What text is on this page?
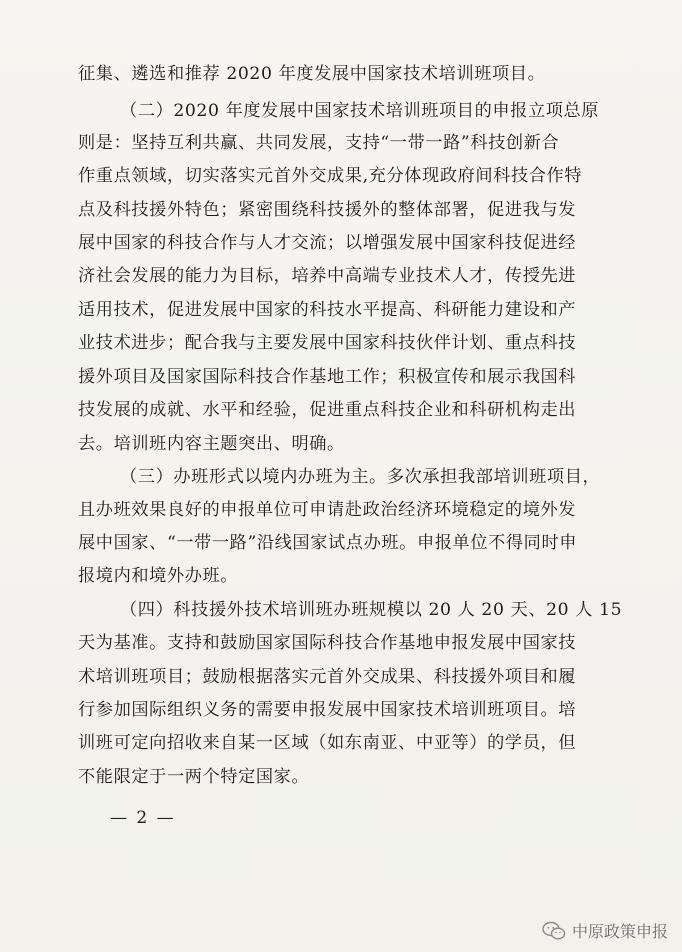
征集、遴选和推荐 2020 年度发展中国家技术培训班项目。
（二）2020 年度发展中国家技术培训班项目的申报立项总原
则是：坚持互利共赢、共同发展，支持“一带一路”科技创新合
作重点领域，切实落实元首外交成果,充分体现政府间科技合作特
点及科技援外特色；紧密围绕科技援外的整体部署，促进我与发
展中国家的科技合作与人才交流；以增强发展中国家科技促进经
济社会发展的能力为目标，培养中高端专业技术人才，传授先进
适用技术，促进发展中国家的科技水平提高、科研能力建设和产
业技术进步；配合我与主要发展中国家科技伙伴计划、重点科技
援外项目及国家国际科技合作基地工作；积极宣传和展示我国科
技发展的成就、水平和经验，促进重点科技企业和科研机构走出
去。培训班内容主题突出、明确。
（三）办班形式以境内办班为主。多次承担我部培训班项目，
且办班效果良好的申报单位可申请赴政治经济环境稳定的境外发
展中国家、“一带一路”沿线国家试点办班。申报单位不得同时申
报境内和境外办班。
（四）科技援外技术培训班办班规模以 20 人 20 天、20 人 15
天为基准。支持和鼓励国家国际科技合作基地申报发展中国家技
术培训班项目；鼓励根据落实元首外交成果、科技援外项目和履
行参加国际组织义务的需要申报发展中国家技术培训班项目。培
训班可定向招收来自某一区域（如东南亚、中亚等）的学员，但
不能限定于一两个特定国家。
— 2 —
中原政策申报
